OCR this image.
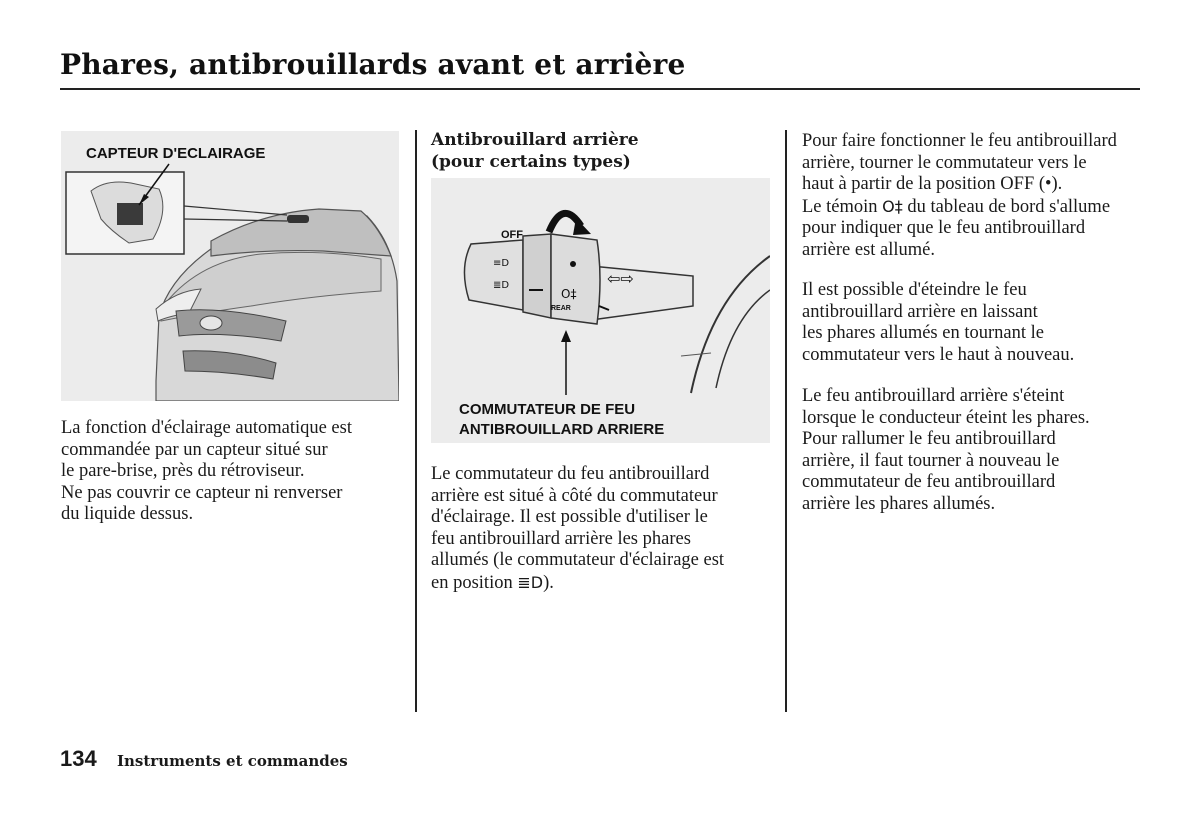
Phares, antibrouillards avant et arrière

CAPTEUR D'ECLAIRAGE

La fonction d'éclairage automatique est
commandée par un capteur situé sur
le pare-brise, près du rétroviseur.
Ne pas couvrir ce capteur ni renverser
du liquide dessus.
Antibrouillard arrière
(pour certains types)
≡D
≣D
O‡
⇦⇨
OFF
REAR
COMMUTATEUR DE FEU
ANTIBROUILLARD ARRIERE
Le commutateur du feu antibrouillard
arrière est situé à côté du commutateur
d'éclairage. Il est possible d'utiliser le
feu antibrouillard arrière les phares
allumés (le commutateur d'éclairage est
en position ≣D).
Pour faire fonctionner le feu antibrouillard
arrière, tourner le commutateur vers le
haut à partir de la position OFF (•).
Le témoin O‡ du tableau de bord s'allume
pour indiquer que le feu antibrouillard
arrière est allumé.
Il est possible d'éteindre le feu
antibrouillard arrière en laissant
les phares allumés en tournant le
commutateur vers le haut à nouveau.
Le feu antibrouillard arrière s'éteint
lorsque le conducteur éteint les phares.
Pour rallumer le feu antibrouillard
arrière, il faut tourner à nouveau le
commutateur de feu antibrouillard
arrière les phares allumés.

134 Instruments et commandes
